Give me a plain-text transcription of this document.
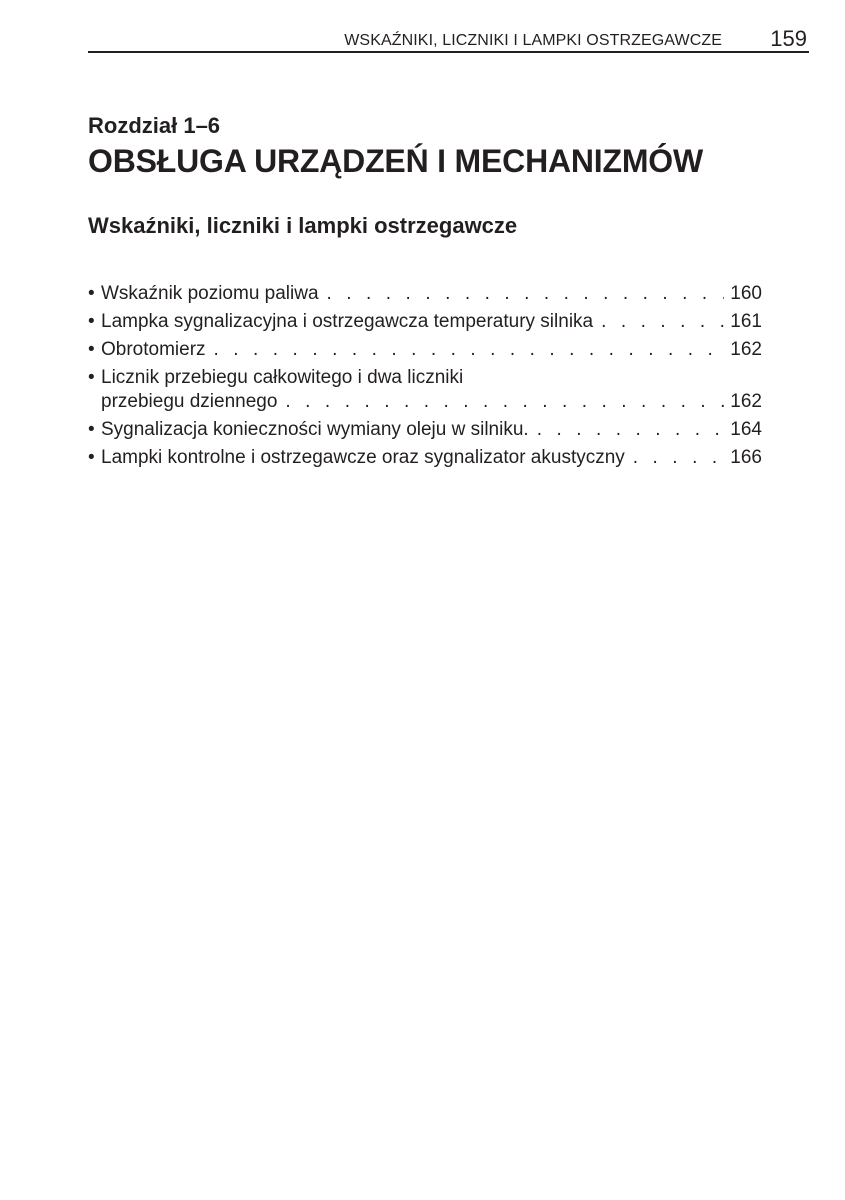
WSKAŹNIKI, LICZNIKI I LAMPKI OSTRZEGAWCZE 159
Rozdział 1–6
OBSŁUGA URZĄDZEŃ I MECHANIZMÓW
Wskaźniki, liczniki i lampki ostrzegawcze
• Wskaźnik poziomu paliwa . . .	160
• Lampka sygnalizacyjna i ostrzegawcza temperatury silnika . . .	161
• Obrotomierz . . .	162
• Licznik przebiegu całkowitego i dwa liczniki
przebiegu dziennego . . .	162
• Sygnalizacja konieczności wymiany oleju w silniku. . . .	164
• Lampki kontrolne i ostrzegawcze oraz sygnalizator akustyczny . . .	166
